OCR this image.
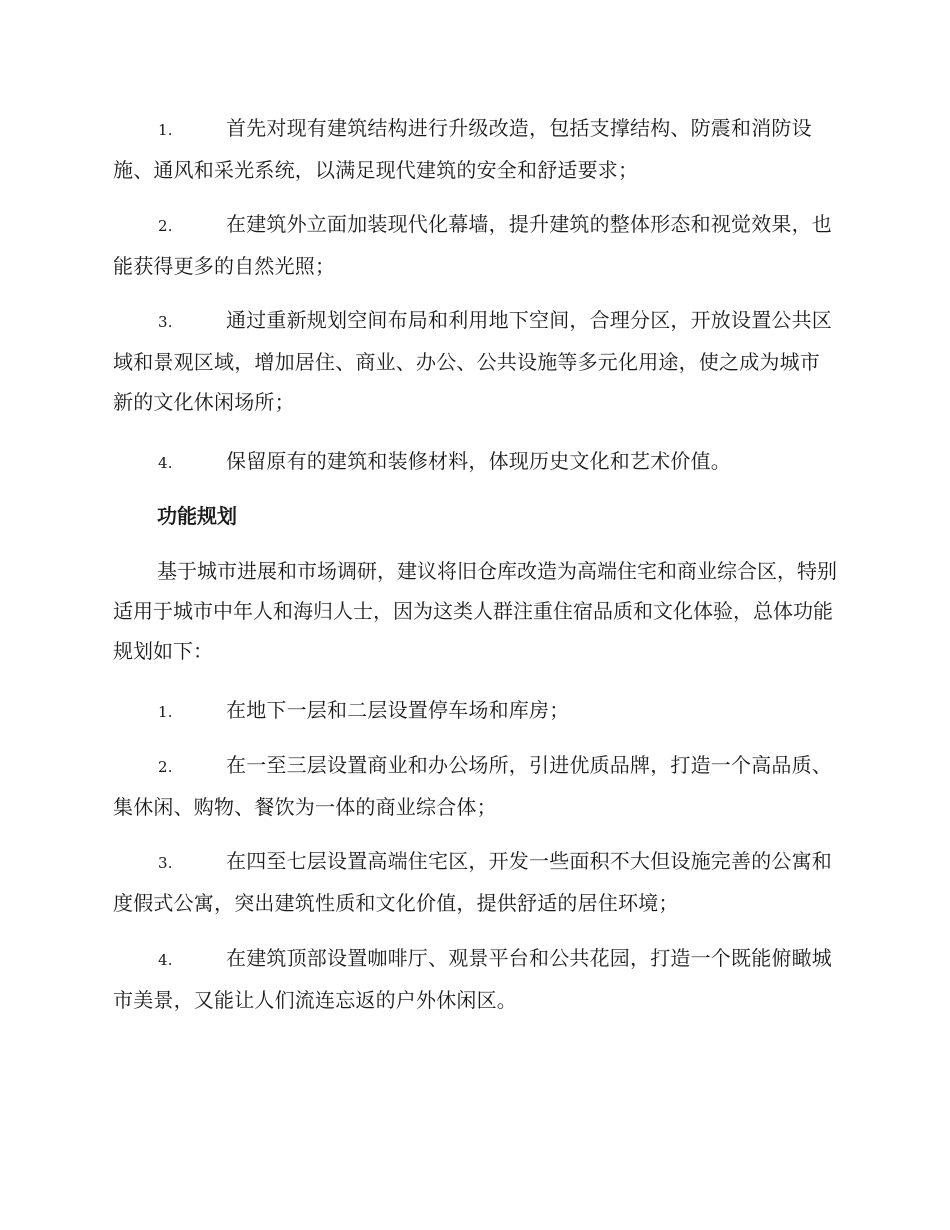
1.	首先对现有建筑结构进行升级改造，包括支撑结构、防震和消防设施、通风和采光系统，以满足现代建筑的安全和舒适要求；

2.	在建筑外立面加装现代化幕墙，提升建筑的整体形态和视觉效果，也能获得更多的自然光照；

3.	通过重新规划空间布局和利用地下空间，合理分区，开放设置公共区域和景观区域，增加居住、商业、办公、公共设施等多元化用途，使之成为城市新的文化休闲场所；

4.	保留原有的建筑和装修材料，体现历史文化和艺术价值。

功能规划

基于城市进展和市场调研，建议将旧仓库改造为高端住宅和商业综合区，特别适用于城市中年人和海归人士，因为这类人群注重住宿品质和文化体验，总体功能规划如下：

1.	在地下一层和二层设置停车场和库房；

2.	在一至三层设置商业和办公场所，引进优质品牌，打造一个高品质、集休闲、购物、餐饮为一体的商业综合体；

3.	在四至七层设置高端住宅区，开发一些面积不大但设施完善的公寓和度假式公寓，突出建筑性质和文化价值，提供舒适的居住环境；

4.	在建筑顶部设置咖啡厅、观景平台和公共花园，打造一个既能俯瞰城市美景，又能让人们流连忘返的户外休闲区。
